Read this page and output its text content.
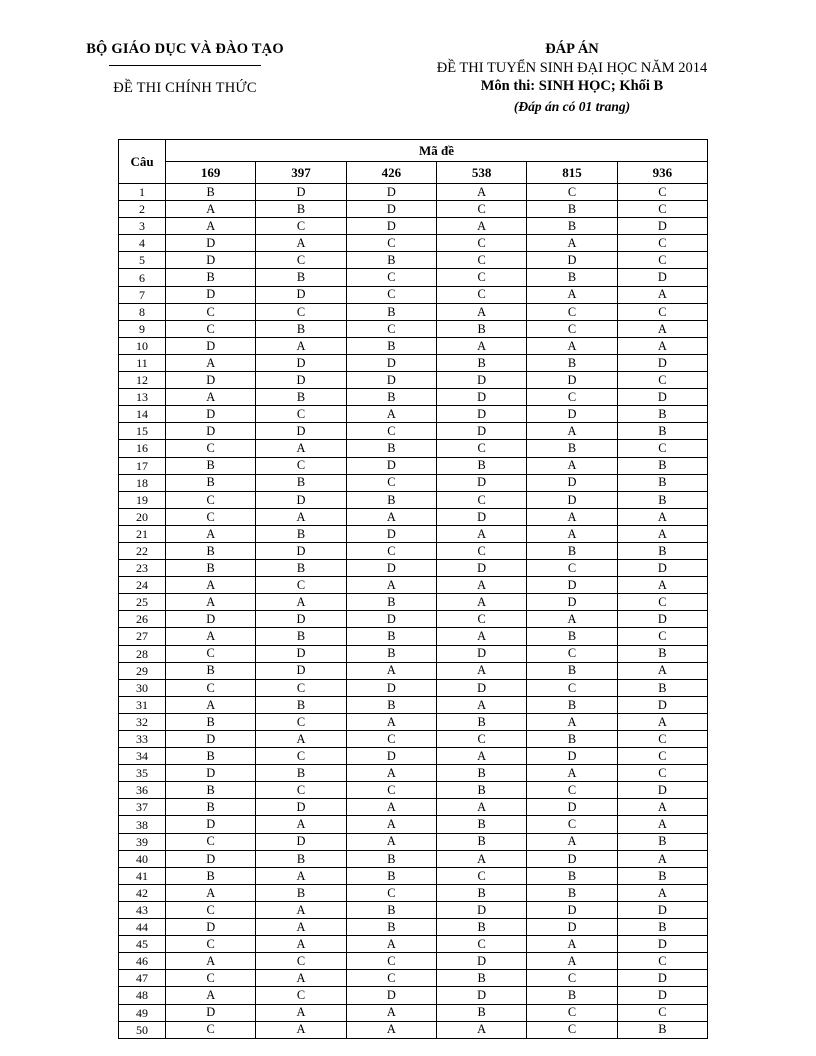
BỘ GIÁO DỤC VÀ ĐÀO TẠO
ĐỀ THI CHÍNH THỨC
ĐÁP ÁN
ĐỀ THI TUYỂN SINH ĐẠI HỌC NĂM 2014
Môn thi: SINH HỌC; Khối B
(Đáp án có 01 trang)
Câu	Mã đề					
	169	397	426	538	815	936
1	B	D	D	A	C	C
2	A	B	D	C	B	C
3	A	C	D	A	B	D
4	D	A	C	C	A	C
5	D	C	B	C	D	C
6	B	B	C	C	B	D
7	D	D	C	C	A	A
8	C	C	B	A	C	C
9	C	B	C	B	C	A
10	D	A	B	A	A	A
11	A	D	D	B	B	D
12	D	D	D	D	D	C
13	A	B	B	D	C	D
14	D	C	A	D	D	B
15	D	D	C	D	A	B
16	C	A	B	C	B	C
17	B	C	D	B	A	B
18	B	B	C	D	D	B
19	C	D	B	C	D	B
20	C	A	A	D	A	A
21	A	B	D	A	A	A
22	B	D	C	C	B	B
23	B	B	D	D	C	D
24	A	C	A	A	D	A
25	A	A	B	A	D	C
26	D	D	D	C	A	D
27	A	B	B	A	B	C
28	C	D	B	D	C	B
29	B	D	A	A	B	A
30	C	C	D	D	C	B
31	A	B	B	A	B	D
32	B	C	A	B	A	A
33	D	A	C	C	B	C
34	B	C	D	A	D	C
35	D	B	A	B	A	C
36	B	C	C	B	C	D
37	B	D	A	A	D	A
38	D	A	A	B	C	A
39	C	D	A	B	A	B
40	D	B	B	A	D	A
41	B	A	B	C	B	B
42	A	B	C	B	B	A
43	C	A	B	D	D	D
44	D	A	B	B	D	B
45	C	A	A	C	A	D
46	A	C	C	D	A	C
47	C	A	C	B	C	D
48	A	C	D	D	B	D
49	D	A	A	B	C	C
50	C	A	A	A	C	B
